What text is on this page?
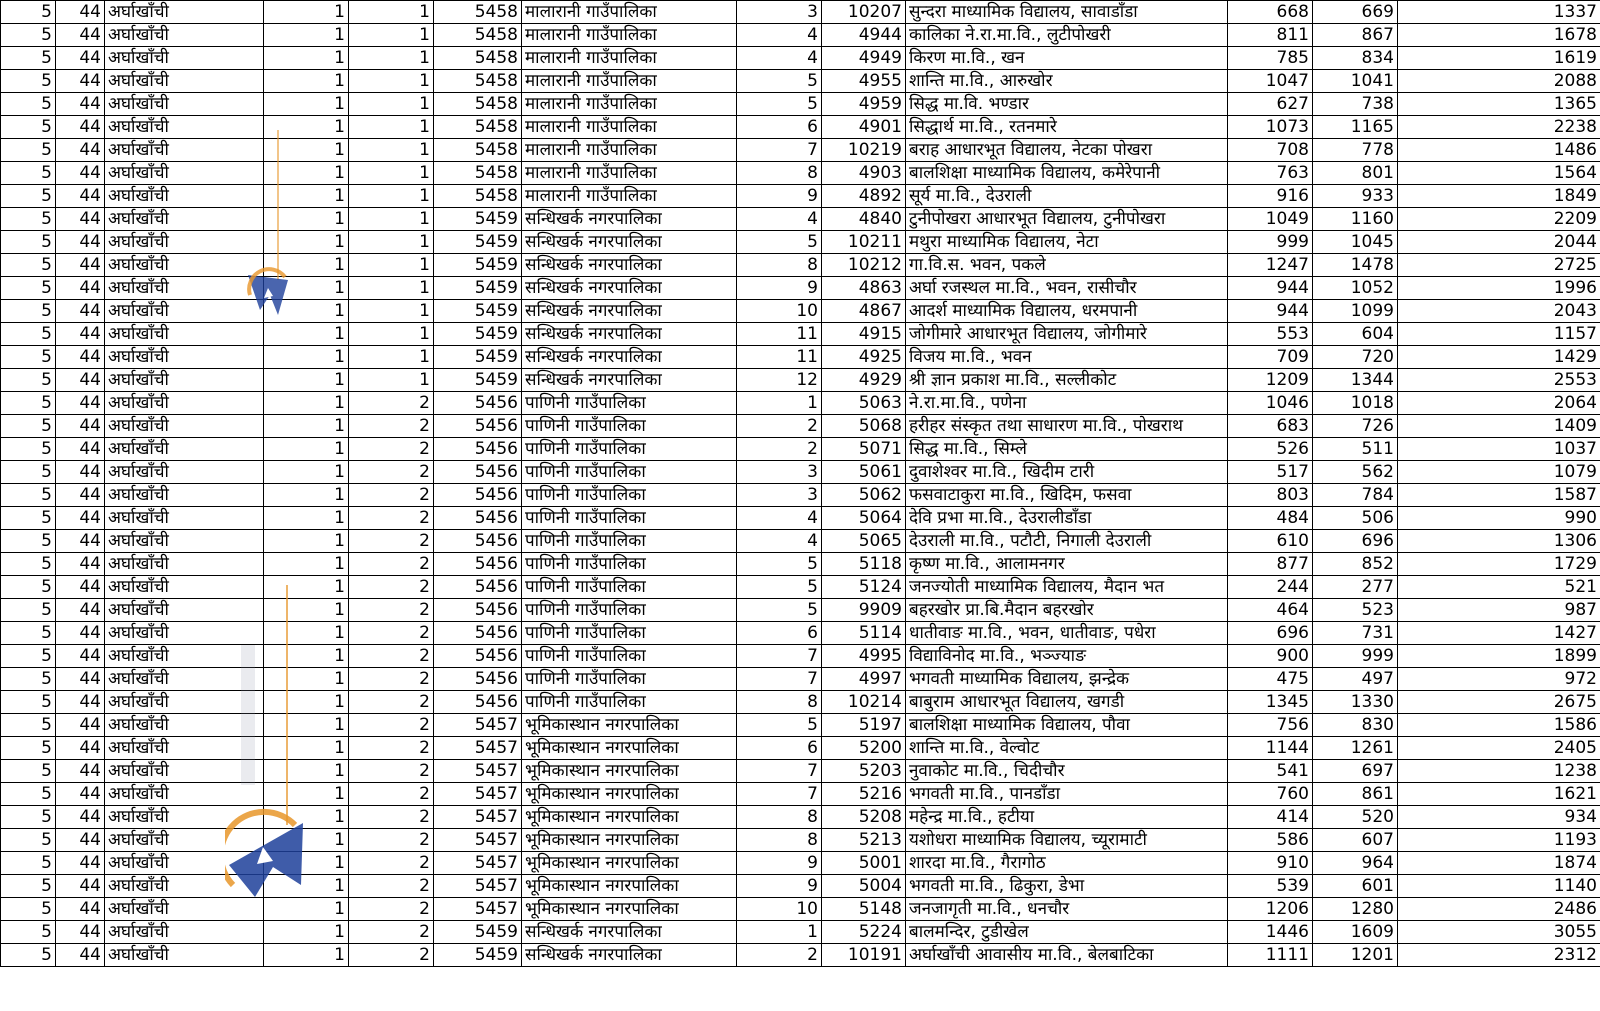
5	44	अर्घाखाँची	1	1	5458	मालारानी गाउँपालिका	3	10207	सुन्दरा माध्यामिक विद्यालय, सावाडाँडा	668	669	1337
5	44	अर्घाखाँची	1	1	5458	मालारानी गाउँपालिका	4	4944	कालिका ने.रा.मा.वि., लुटीपोखरी	811	867	1678
5	44	अर्घाखाँची	1	1	5458	मालारानी गाउँपालिका	4	4949	किरण मा.वि., खन	785	834	1619
5	44	अर्घाखाँची	1	1	5458	मालारानी गाउँपालिका	5	4955	शान्ति मा.वि., आरुखोर	1047	1041	2088
5	44	अर्घाखाँची	1	1	5458	मालारानी गाउँपालिका	5	4959	सिद्ध मा.वि. भण्डार	627	738	1365
5	44	अर्घाखाँची	1	1	5458	मालारानी गाउँपालिका	6	4901	सिद्धार्थ मा.वि., रतनमारे	1073	1165	2238
5	44	अर्घाखाँची	1	1	5458	मालारानी गाउँपालिका	7	10219	बराह आधारभूत विद्यालय, नेटका पोखरा	708	778	1486
5	44	अर्घाखाँची	1	1	5458	मालारानी गाउँपालिका	8	4903	बालशिक्षा माध्यामिक विद्यालय, कमेरेपानी	763	801	1564
5	44	अर्घाखाँची	1	1	5458	मालारानी गाउँपालिका	9	4892	सूर्य मा.वि., देउराली	916	933	1849
5	44	अर्घाखाँची	1	1	5459	सन्धिखर्क नगरपालिका	4	4840	टुनीपोखरा आधारभूत विद्यालय, टुनीपोखरा	1049	1160	2209
5	44	अर्घाखाँची	1	1	5459	सन्धिखर्क नगरपालिका	5	10211	मथुरा माध्यामिक विद्यालय, नेटा	999	1045	2044
5	44	अर्घाखाँची	1	1	5459	सन्धिखर्क नगरपालिका	8	10212	गा.वि.स. भवन, पकले	1247	1478	2725
5	44	अर्घाखाँची	1	1	5459	सन्धिखर्क नगरपालिका	9	4863	अर्घा रजस्थल मा.वि., भवन, रासीचौर	944	1052	1996
5	44	अर्घाखाँची	1	1	5459	सन्धिखर्क नगरपालिका	10	4867	आदर्श माध्यामिक विद्यालय, धरमपानी	944	1099	2043
5	44	अर्घाखाँची	1	1	5459	सन्धिखर्क नगरपालिका	11	4915	जोगीमारे आधारभूत विद्यालय, जोगीमारे	553	604	1157
5	44	अर्घाखाँची	1	1	5459	सन्धिखर्क नगरपालिका	11	4925	विजय मा.वि., भवन	709	720	1429
5	44	अर्घाखाँची	1	1	5459	सन्धिखर्क नगरपालिका	12	4929	श्री ज्ञान प्रकाश मा.वि., सल्लीकोट	1209	1344	2553
5	44	अर्घाखाँची	1	2	5456	पाणिनी गाउँपालिका	1	5063	ने.रा.मा.वि., पणेना	1046	1018	2064
5	44	अर्घाखाँची	1	2	5456	पाणिनी गाउँपालिका	2	5068	हरीहर संस्कृत तथा साधारण मा.वि., पोखराथ	683	726	1409
5	44	अर्घाखाँची	1	2	5456	पाणिनी गाउँपालिका	2	5071	सिद्ध मा.वि., सिम्ले	526	511	1037
5	44	अर्घाखाँची	1	2	5456	पाणिनी गाउँपालिका	3	5061	दुवाशेश्वर मा.वि., खिदीम टारी	517	562	1079
5	44	अर्घाखाँची	1	2	5456	पाणिनी गाउँपालिका	3	5062	फसवाटाकुरा मा.वि., खिदिम, फसवा	803	784	1587
5	44	अर्घाखाँची	1	2	5456	पाणिनी गाउँपालिका	4	5064	देवि प्रभा मा.वि., देउरालीडाँडा	484	506	990
5	44	अर्घाखाँची	1	2	5456	पाणिनी गाउँपालिका	4	5065	देउराली मा.वि., पटौटी, निगाली देउराली	610	696	1306
5	44	अर्घाखाँची	1	2	5456	पाणिनी गाउँपालिका	5	5118	कृष्ण मा.वि., आलामनगर	877	852	1729
5	44	अर्घाखाँची	1	2	5456	पाणिनी गाउँपालिका	5	5124	जनज्योती माध्यामिक विद्यालय, मैदान भत	244	277	521
5	44	अर्घाखाँची	1	2	5456	पाणिनी गाउँपालिका	5	9909	बहरखोर प्रा.बि.मैदान बहरखोर	464	523	987
5	44	अर्घाखाँची	1	2	5456	पाणिनी गाउँपालिका	6	5114	धातीवाङ मा.वि., भवन, धातीवाङ, पधेरा	696	731	1427
5	44	अर्घाखाँची	1	2	5456	पाणिनी गाउँपालिका	7	4995	विद्याविनोद मा.वि., भञ्ज्याङ	900	999	1899
5	44	अर्घाखाँची	1	2	5456	पाणिनी गाउँपालिका	7	4997	भगवती माध्यामिक विद्यालय, झन्द्रेक	475	497	972
5	44	अर्घाखाँची	1	2	5456	पाणिनी गाउँपालिका	8	10214	बाबुराम आधारभूत विद्यालय, खगडी	1345	1330	2675
5	44	अर्घाखाँची	1	2	5457	भूमिकास्थान नगरपालिका	5	5197	बालशिक्षा माध्यामिक विद्यालय, पौवा	756	830	1586
5	44	अर्घाखाँची	1	2	5457	भूमिकास्थान नगरपालिका	6	5200	शान्ति मा.वि., वेल्वोट	1144	1261	2405
5	44	अर्घाखाँची	1	2	5457	भूमिकास्थान नगरपालिका	7	5203	नुवाकोट मा.वि., चिदीचौर	541	697	1238
5	44	अर्घाखाँची	1	2	5457	भूमिकास्थान नगरपालिका	7	5216	भगवती मा.वि., पानडाँडा	760	861	1621
5	44	अर्घाखाँची	1	2	5457	भूमिकास्थान नगरपालिका	8	5208	महेन्द्र मा.वि., हटीया	414	520	934
5	44	अर्घाखाँची	1	2	5457	भूमिकास्थान नगरपालिका	8	5213	यशोधरा माध्यामिक विद्यालय, च्यूरामाटी	586	607	1193
5	44	अर्घाखाँची	1	2	5457	भूमिकास्थान नगरपालिका	9	5001	शारदा मा.वि., गैरागोठ	910	964	1874
5	44	अर्घाखाँची	1	2	5457	भूमिकास्थान नगरपालिका	9	5004	भगवती मा.वि., ढिकुरा, डेभा	539	601	1140
5	44	अर्घाखाँची	1	2	5457	भूमिकास्थान नगरपालिका	10	5148	जनजागृती मा.वि., धनचौर	1206	1280	2486
5	44	अर्घाखाँची	1	2	5459	सन्धिखर्क नगरपालिका	1	5224	बालमन्दिर, टुडीखेल	1446	1609	3055
5	44	अर्घाखाँची	1	2	5459	सन्धिखर्क नगरपालिका	2	10191	अर्घाखाँची आवासीय मा.वि., बेलबाटिका	1111	1201	2312
